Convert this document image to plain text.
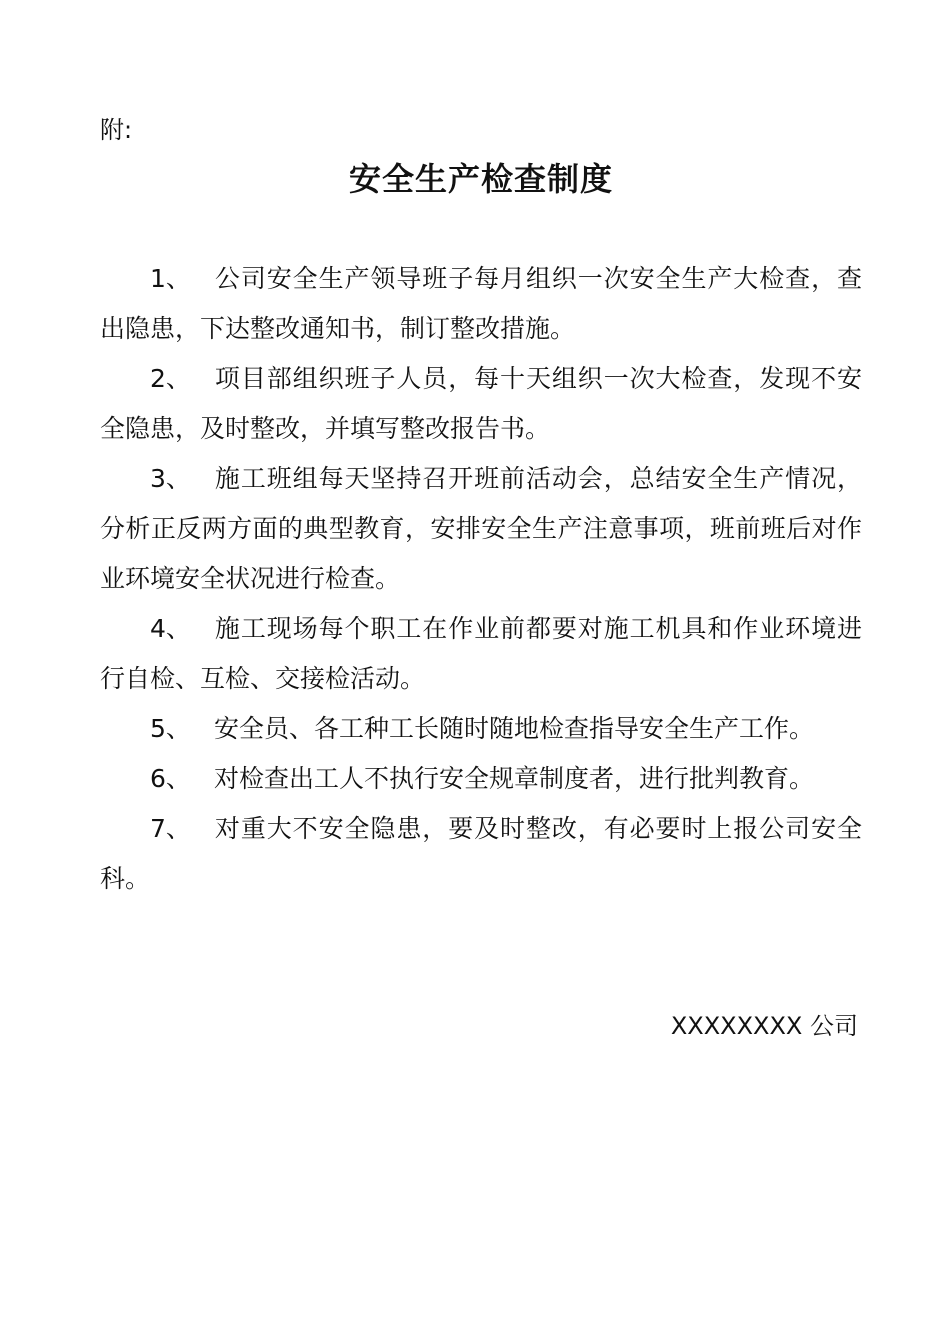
附:
安全生产检查制度

1、 公司安全生产领导班子每月组织一次安全生产大检查，查出隐患，下达整改通知书，制订整改措施。

2、 项目部组织班子人员，每十天组织一次大检查，发现不安全隐患，及时整改，并填写整改报告书。

3、 施工班组每天坚持召开班前活动会，总结安全生产情况，分析正反两方面的典型教育，安排安全生产注意事项，班前班后对作业环境安全状况进行检查。

4、 施工现场每个职工在作业前都要对施工机具和作业环境进行自检、互检、交接检活动。

5、 安全员、各工种工长随时随地检查指导安全生产工作。

6、 对检查出工人不执行安全规章制度者，进行批判教育。

7、 对重大不安全隐患，要及时整改，有必要时上报公司安全科。

XXXXXXXX 公司
